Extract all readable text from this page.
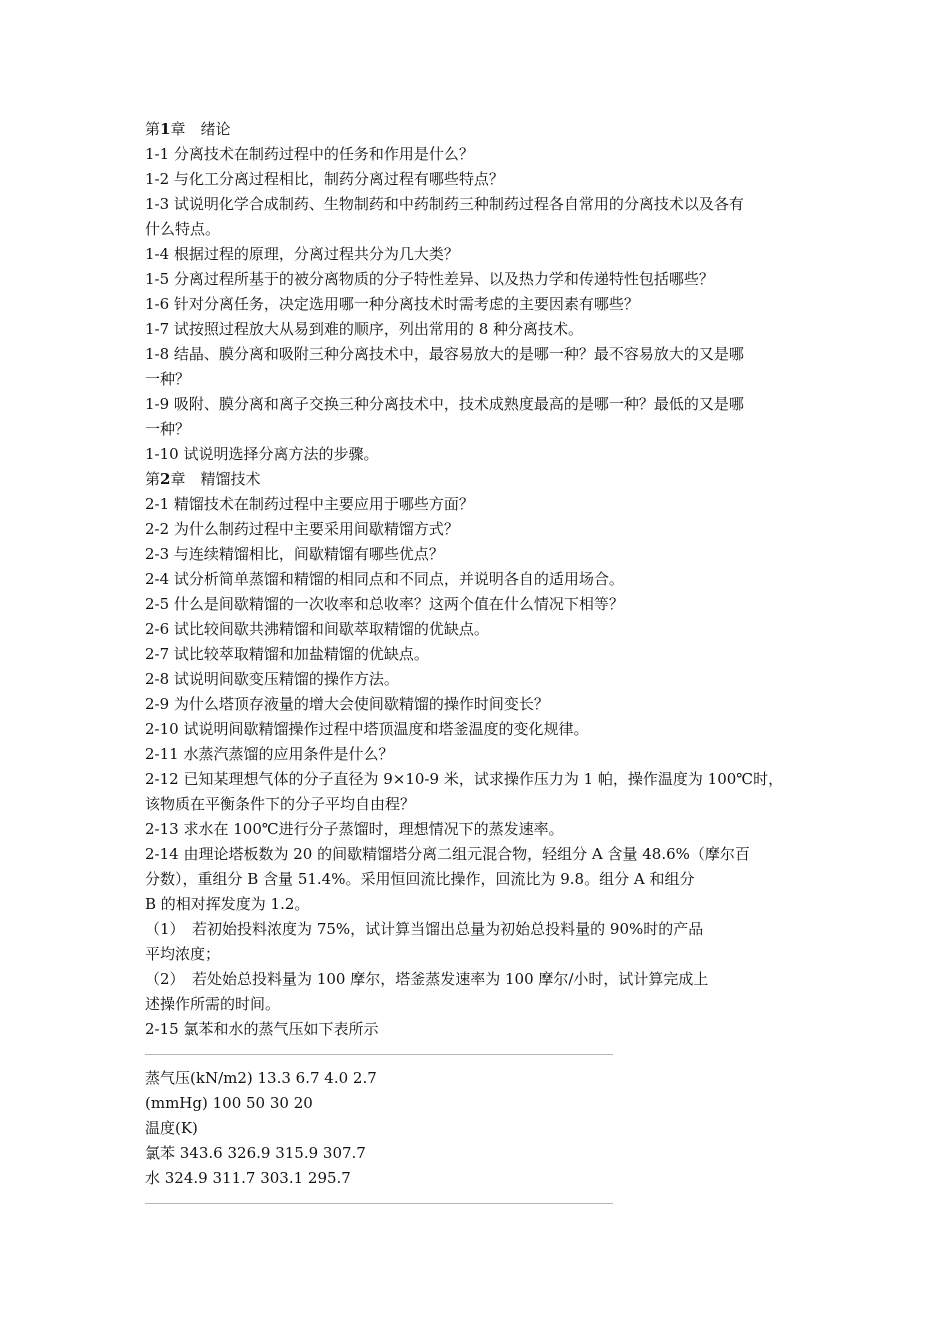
第1章　绪论
1-1 分离技术在制药过程中的任务和作用是什么？
1-2 与化工分离过程相比，制药分离过程有哪些特点？
1-3 试说明化学合成制药、生物制药和中药制药三种制药过程各自常用的分离技术以及各有
什么特点。
1-4 根据过程的原理，分离过程共分为几大类？
1-5 分离过程所基于的被分离物质的分子特性差异、以及热力学和传递特性包括哪些？
1-6 针对分离任务，决定选用哪一种分离技术时需考虑的主要因素有哪些？
1-7 试按照过程放大从易到难的顺序，列出常用的 8 种分离技术。
1-8 结晶、膜分离和吸附三种分离技术中，最容易放大的是哪一种？最不容易放大的又是哪
一种？
1-9 吸附、膜分离和离子交换三种分离技术中，技术成熟度最高的是哪一种？最低的又是哪
一种？
1-10 试说明选择分离方法的步骤。
第2章　精馏技术
2-1 精馏技术在制药过程中主要应用于哪些方面？
2-2 为什么制药过程中主要采用间歇精馏方式？
2-3 与连续精馏相比，间歇精馏有哪些优点？
2-4 试分析简单蒸馏和精馏的相同点和不同点，并说明各自的适用场合。
2-5 什么是间歇精馏的一次收率和总收率？这两个值在什么情况下相等？
2-6 试比较间歇共沸精馏和间歇萃取精馏的优缺点。
2-7 试比较萃取精馏和加盐精馏的优缺点。
2-8 试说明间歇变压精馏的操作方法。
2-9 为什么塔顶存液量的增大会使间歇精馏的操作时间变长？
2-10 试说明间歇精馏操作过程中塔顶温度和塔釜温度的变化规律。
2-11 水蒸汽蒸馏的应用条件是什么？
2-12 已知某理想气体的分子直径为 9×10-9 米，试求操作压力为 1 帕，操作温度为 100℃时，
该物质在平衡条件下的分子平均自由程？
2-13 求水在 100℃进行分子蒸馏时，理想情况下的蒸发速率。
2-14 由理论塔板数为 20 的间歇精馏塔分离二组元混合物，轻组分 A 含量 48.6%（摩尔百
分数），重组分 B 含量 51.4%。采用恒回流比操作，回流比为 9.8。组分 A 和组分
B 的相对挥发度为 1.2。
（1）　若初始投料浓度为 75%，试计算当馏出总量为初始总投料量的 90%时的产品
平均浓度；
（2）　若处始总投料量为 100 摩尔，塔釜蒸发速率为 100 摩尔/小时，试计算完成上
述操作所需的时间。
2-15 氯苯和水的蒸气压如下表所示
蒸气压(kN/m2) 13.3 6.7 4.0 2.7
(mmHg) 100 50 30 20
温度(K)
氯苯 343.6 326.9 315.9 307.7
水 324.9 311.7 303.1 295.7
